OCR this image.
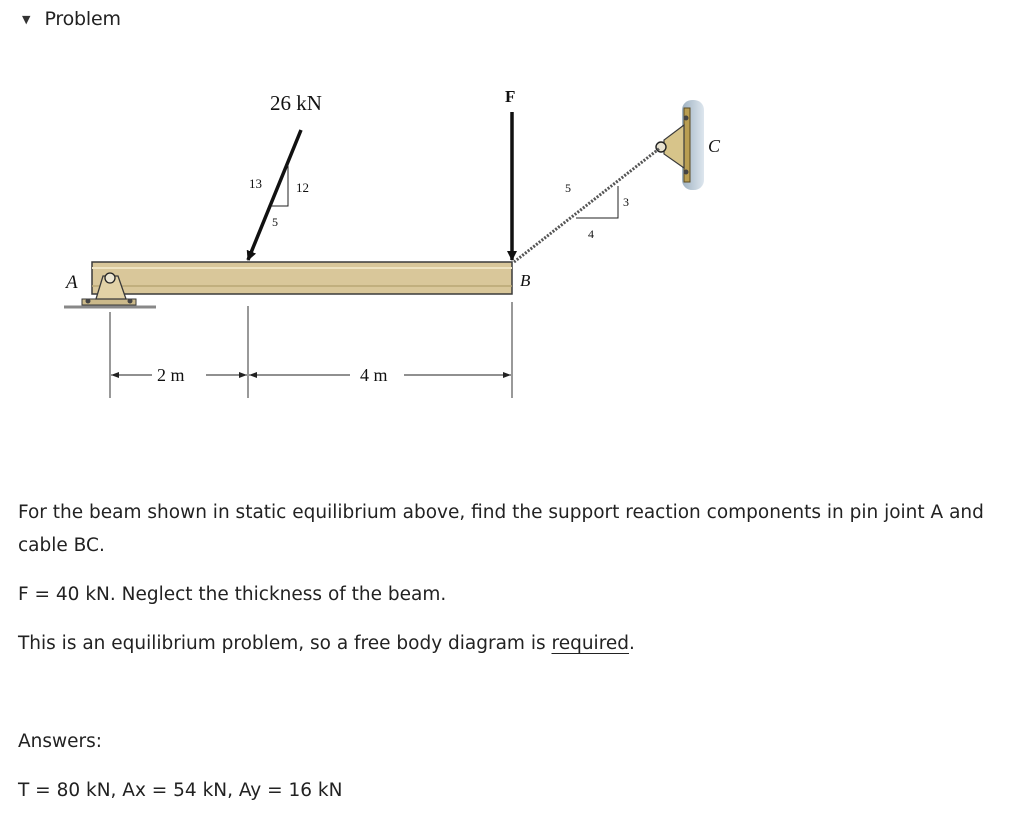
▼ Problem
5
3
4
C
A	B
26 kN
13	12
5
F
2 m	4 m

For the beam shown in static equilibrium above, find the support reaction components in pin joint A and cable BC.

F = 40 kN. Neglect the thickness of the beam.

This is an equilibrium problem, so a free body diagram is required.

Answers:

T = 80 kN, Ax = 54 kN, Ay = 16 kN
